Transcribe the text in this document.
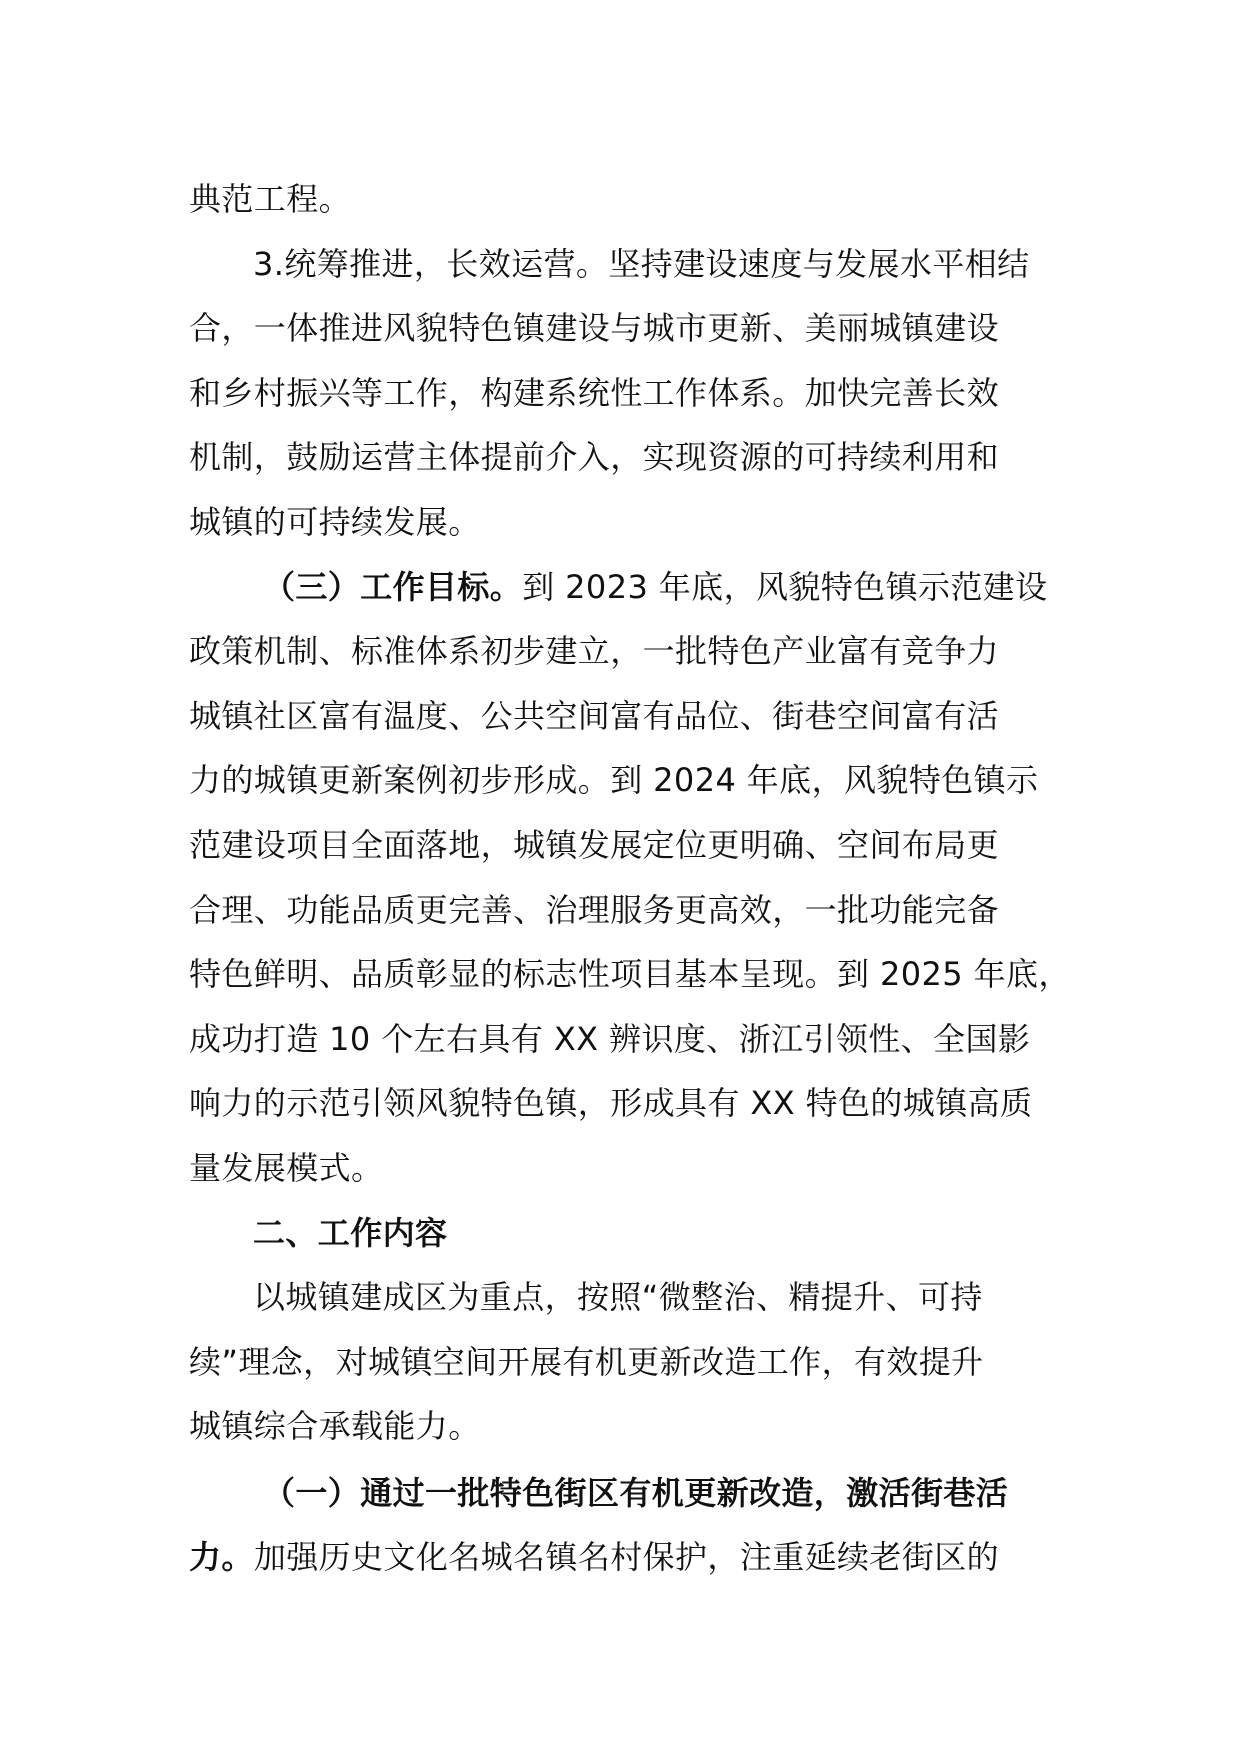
典范工程。
3.统筹推进，长效运营。坚持建设速度与发展水平相结
合，一体推进风貌特色镇建设与城市更新、美丽城镇建设
和乡村振兴等工作，构建系统性工作体系。加快完善长效
机制，鼓励运营主体提前介入，实现资源的可持续利用和
城镇的可持续发展。
（三）工作目标。到 2023 年底，风貌特色镇示范建设
政策机制、标准体系初步建立，一批特色产业富有竞争力
城镇社区富有温度、公共空间富有品位、街巷空间富有活
力的城镇更新案例初步形成。到 2024 年底，风貌特色镇示
范建设项目全面落地，城镇发展定位更明确、空间布局更
合理、功能品质更完善、治理服务更高效，一批功能完备
特色鲜明、品质彰显的标志性项目基本呈现。到 2025 年底，
成功打造 10 个左右具有 XX 辨识度、浙江引领性、全国影
响力的示范引领风貌特色镇，形成具有 XX 特色的城镇高质
量发展模式。
二、工作内容
以城镇建成区为重点，按照“微整治、精提升、可持
续”理念，对城镇空间开展有机更新改造工作，有效提升
城镇综合承载能力。
（一）通过一批特色街区有机更新改造，激活街巷活
力。加强历史文化名城名镇名村保护，注重延续老街区的
